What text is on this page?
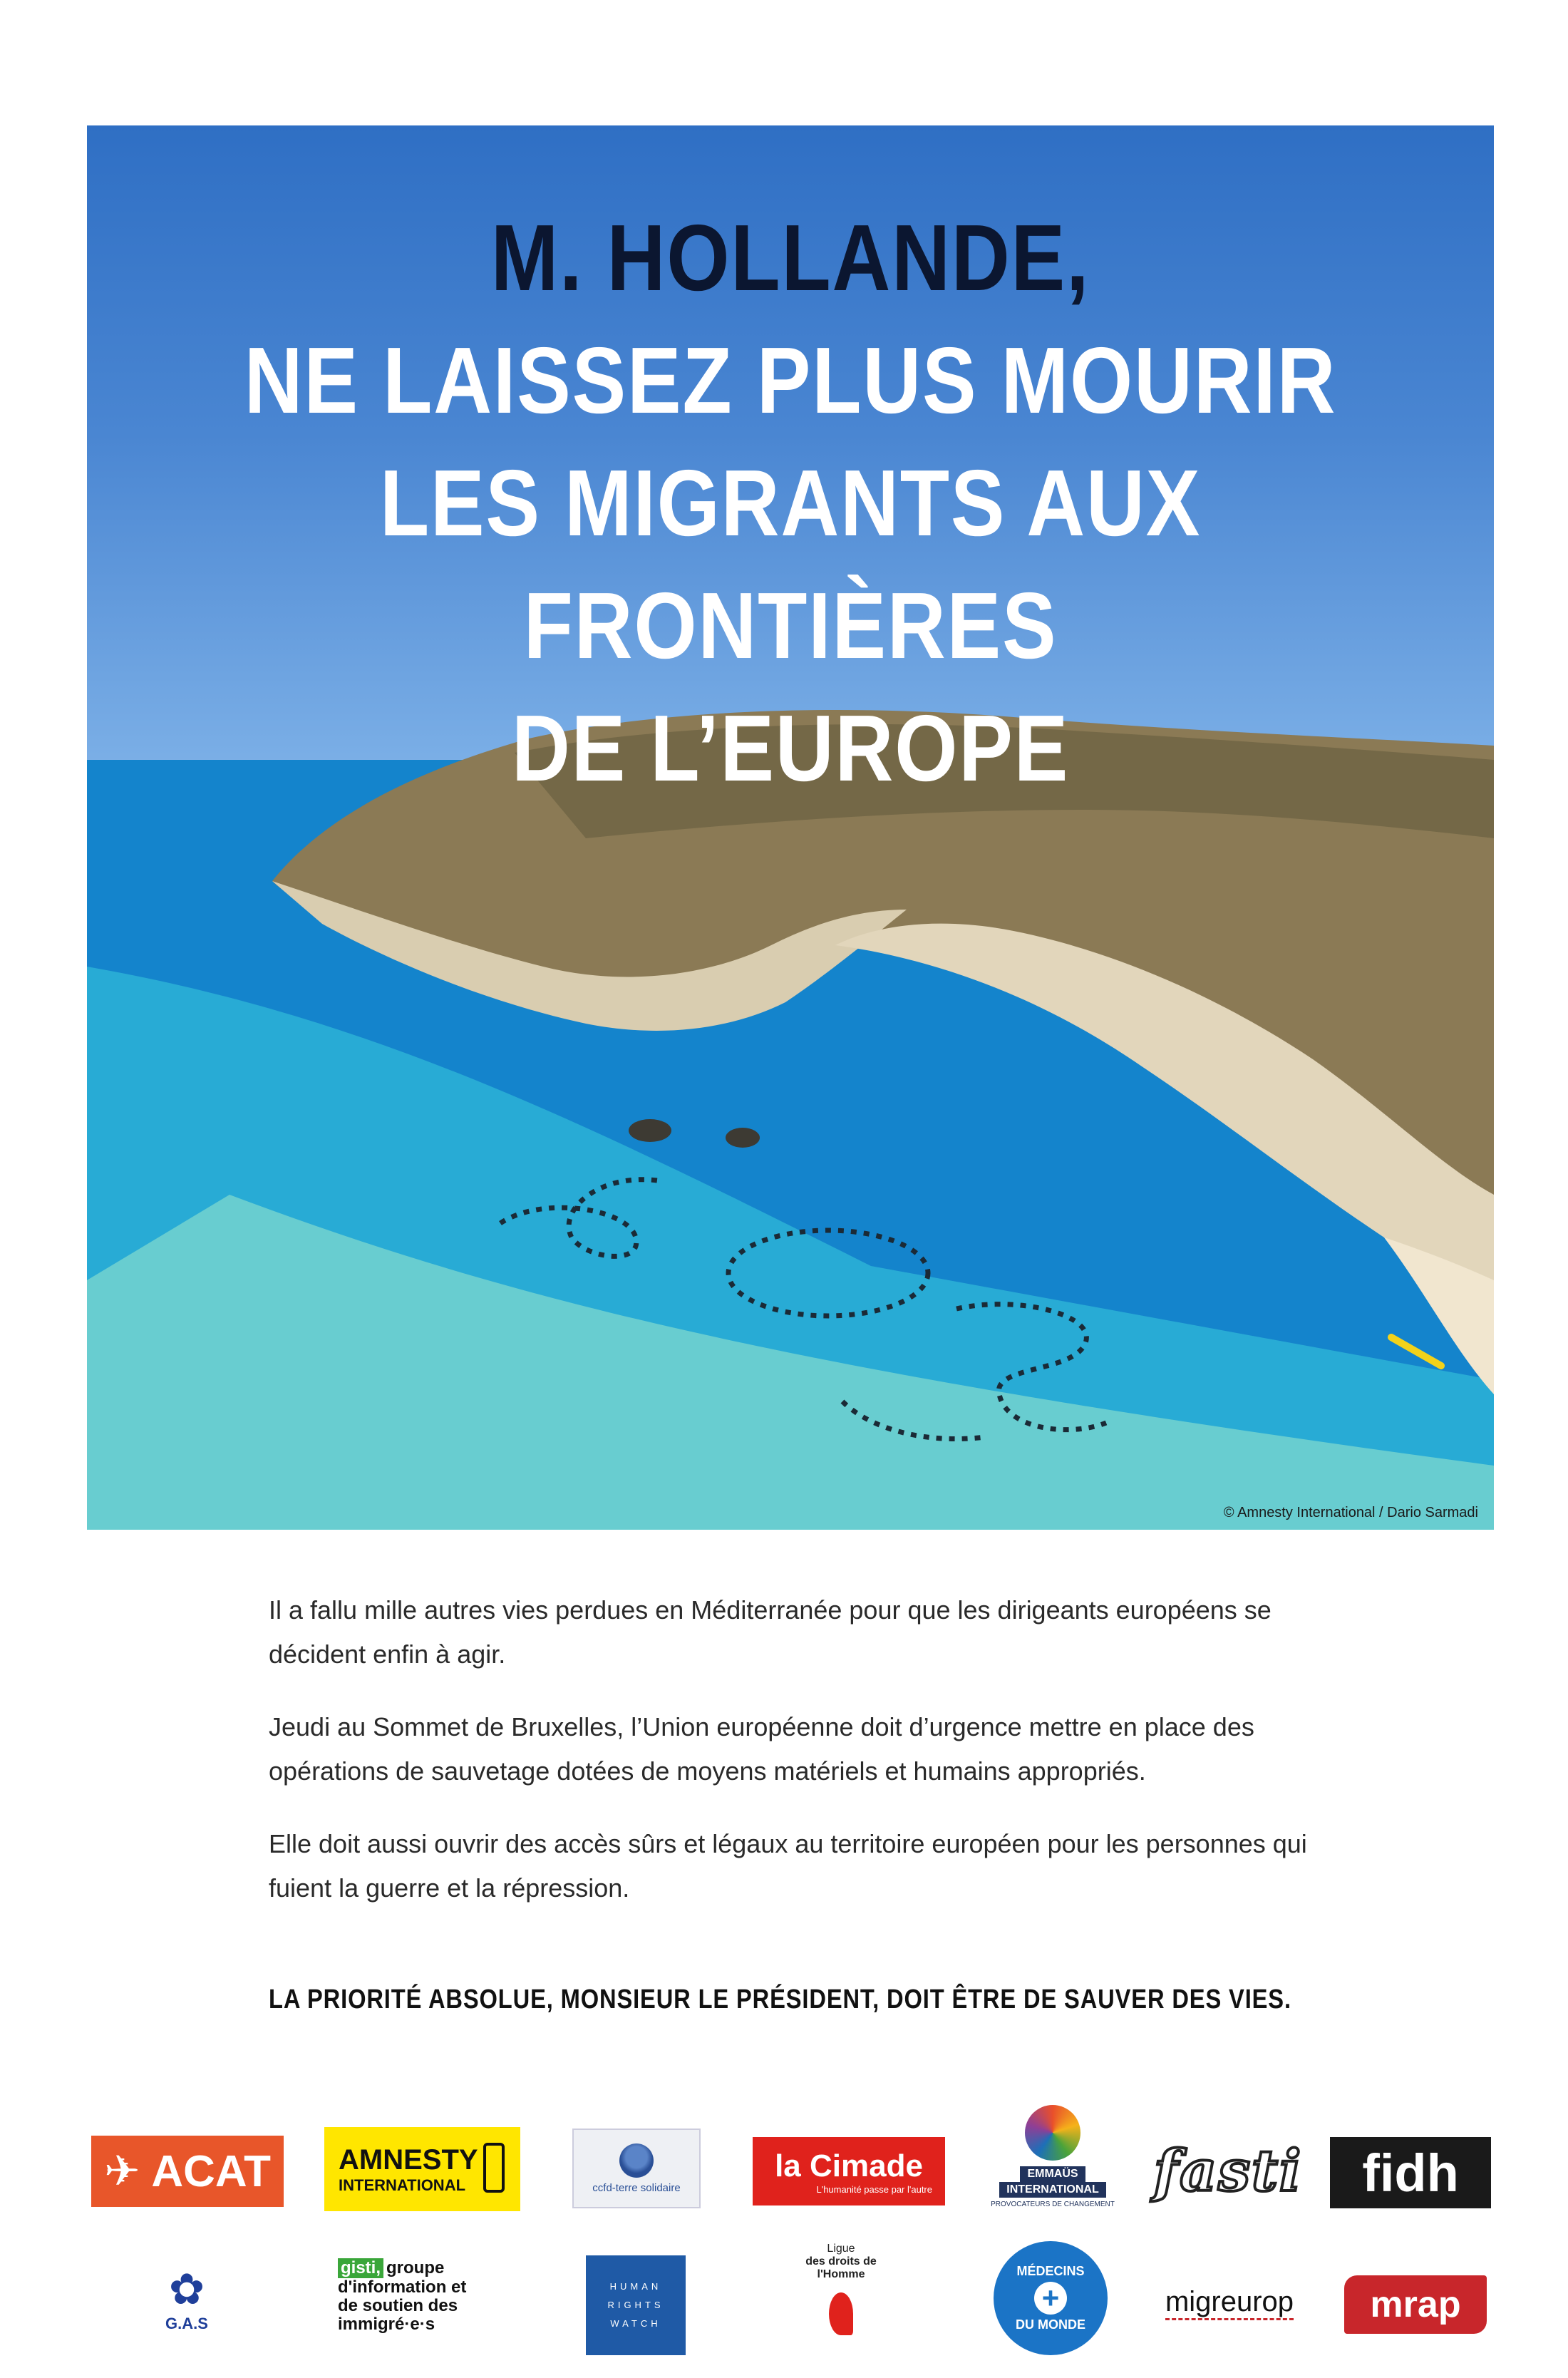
M. HOLLANDE,
NE LAISSEZ PLUS MOURIR
LES MIGRANTS AUX FRONTIÈRES
DE L’EUROPE
© Amnesty International / Dario Sarmadi

Il a fallu mille autres vies perdues en Méditerranée pour que les dirigeants européens se décident enfin à agir.

Jeudi au Sommet de Bruxelles, l’Union européenne doit d’urgence mettre en place des opérations de sauvetage dotées de moyens matériels et humains appropriés.

Elle doit aussi ouvrir des accès sûrs et légaux au territoire européen pour les personnes qui fuient la guerre et la répression.

LA PRIORITÉ ABSOLUE, MONSIEUR LE PRÉSIDENT, DOIT ÊTRE DE SAUVER DES VIES.
✈ ACAT AMNESTY
INTERNATIONAL	ccfd-terre solidaire
la Cimade
L'humanité passe par l'autre
EMMAÜS
INTERNATIONAL
PROVOCATEURS DE CHANGEMENT fasti fidh
✿
G.A.S
gisti, groupe
d'information et
de soutien des
immigré·e·s
HUMAN
RIGHTS
WATCH
Ligue
des droits de
l'Homme	MÉDECINS
+
DU MONDE
migreurop mrap
